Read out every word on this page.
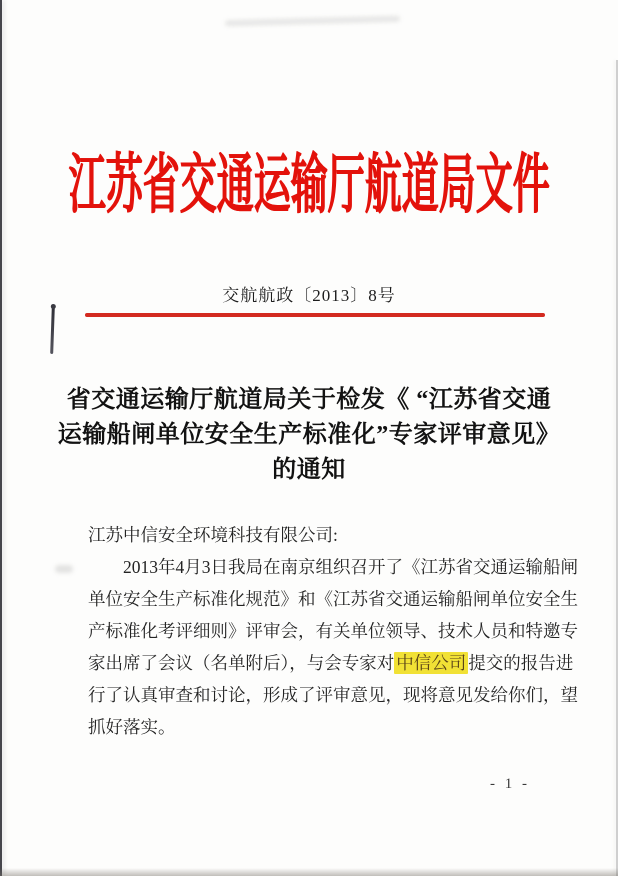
江苏省交通运输厅航道局文件
交航航政〔2013〕8号
省交通运输厅航道局关于检发《 “江苏省交通
运输船闸单位安全生产标准化”专家评审意见》
的通知
江苏中信安全环境科技有限公司:
2013年4月3日我局在南京组织召开了《江苏省交通运输船闸
单位安全生产标准化规范》和《江苏省交通运输船闸单位安全生
产标准化考评细则》评审会，有关单位领导、技术人员和特邀专
家出席了会议（名单附后），与会专家对 中信公司 提交的报告进
行了认真审查和讨论，形成了评审意见，现将意见发给你们，望
抓好落实。
- 1 -
